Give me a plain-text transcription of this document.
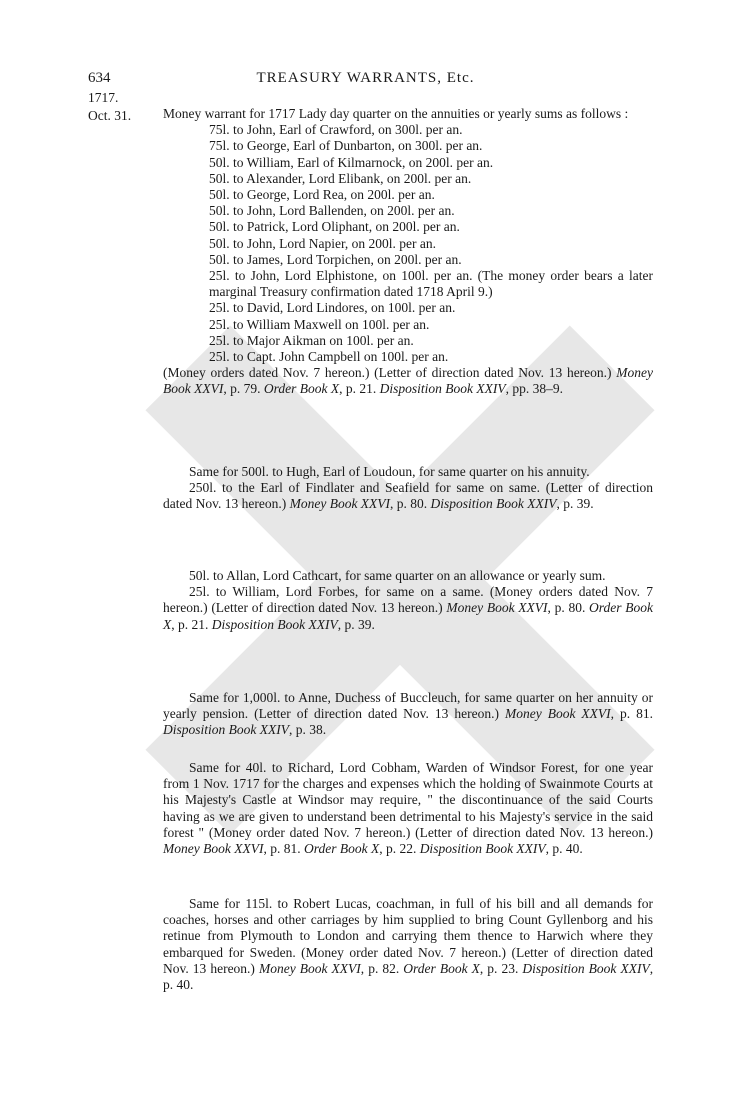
634	TREASURY WARRANTS, Etc.
1717.
Oct. 31. Money warrant for 1717 Lady day quarter on the annuities or yearly sums as follows :

75l. to John, Earl of Crawford, on 300l. per an.

75l. to George, Earl of Dunbarton, on 300l. per an.

50l. to William, Earl of Kilmarnock, on 200l. per an.

50l. to Alexander, Lord Elibank, on 200l. per an.

50l. to George, Lord Rea, on 200l. per an.

50l. to John, Lord Ballenden, on 200l. per an.

50l. to Patrick, Lord Oliphant, on 200l. per an.

50l. to John, Lord Napier, on 200l. per an.

50l. to James, Lord Torpichen, on 200l. per an.

25l. to John, Lord Elphistone, on 100l. per an. (The money order bears a later marginal Treasury confirmation dated 1718 April 9.)

25l. to David, Lord Lindores, on 100l. per an.

25l. to William Maxwell on 100l. per an.

25l. to Major Aikman on 100l. per an.

25l. to Capt. John Campbell on 100l. per an.

(Money orders dated Nov. 7 hereon.) (Letter of direction dated Nov. 13 hereon.) Money Book XXVI, p. 79. Order Book X, p. 21. Disposition Book XXIV, pp. 38–9.

Same for 500l. to Hugh, Earl of Loudoun, for same quarter on his annuity.

250l. to the Earl of Findlater and Seafield for same on same. (Letter of direction dated Nov. 13 hereon.) Money Book XXVI, p. 80. Disposition Book XXIV, p. 39.

50l. to Allan, Lord Cathcart, for same quarter on an allowance or yearly sum.

25l. to William, Lord Forbes, for same on a same. (Money orders dated Nov. 7 hereon.) (Letter of direction dated Nov. 13 hereon.) Money Book XXVI, p. 80. Order Book X, p. 21. Disposition Book XXIV, p. 39.

Same for 1,000l. to Anne, Duchess of Buccleuch, for same quarter on her annuity or yearly pension. (Letter of direction dated Nov. 13 hereon.) Money Book XXVI, p. 81. Disposition Book XXIV, p. 38.

Same for 40l. to Richard, Lord Cobham, Warden of Windsor Forest, for one year from 1 Nov. 1717 for the charges and expenses which the holding of Swainmote Courts at his Majesty's Castle at Windsor may require, " the discontinuance of the said Courts having as we are given to understand been detrimental to his Majesty's service in the said forest " (Money order dated Nov. 7 hereon.) (Letter of direction dated Nov. 13 hereon.) Money Book XXVI, p. 81. Order Book X, p. 22. Disposition Book XXIV, p. 40.

Same for 115l. to Robert Lucas, coachman, in full of his bill and all demands for coaches, horses and other carriages by him supplied to bring Count Gyllenborg and his retinue from Plymouth to London and carrying them thence to Harwich where they embarqued for Sweden. (Money order dated Nov. 7 hereon.) (Letter of direction dated Nov. 13 hereon.) Money Book XXVI, p. 82. Order Book X, p. 23. Disposition Book XXIV, p. 40.
